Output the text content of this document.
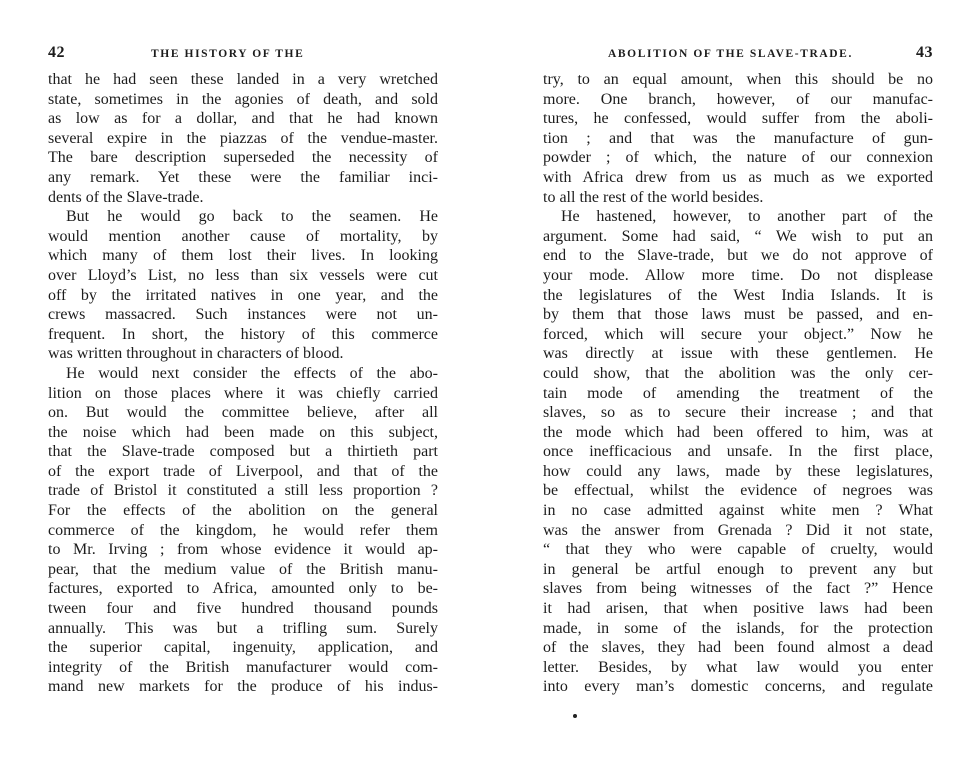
42	THE HISTORY OF THE
that he had seen these landed in a very wretched
state, sometimes in the agonies of death, and sold
as low as for a dollar, and that he had known
several expire in the piazzas of the vendue-master.
The bare description superseded the necessity of
any remark. Yet these were the familiar inci-
dents of the Slave-trade.
But he would go back to the seamen. He
would mention another cause of mortality, by
which many of them lost their lives. In looking
over Lloyd’s List, no less than six vessels were cut
off by the irritated natives in one year, and the
crews massacred. Such instances were not un-
frequent. In short, the history of this commerce
was written throughout in characters of blood.
He would next consider the effects of the abo-
lition on those places where it was chiefly carried
on. But would the committee believe, after all
the noise which had been made on this subject,
that the Slave-trade composed but a thirtieth part
of the export trade of Liverpool, and that of the
trade of Bristol it constituted a still less proportion ?
For the effects of the abolition on the general
commerce of the kingdom, he would refer them
to Mr. Irving ; from whose evidence it would ap-
pear, that the medium value of the British manu-
factures, exported to Africa, amounted only to be-
tween four and five hundred thousand pounds
annually. This was but a trifling sum. Surely
the superior capital, ingenuity, application, and
integrity of the British manufacturer would com-
mand new markets for the produce of his indus-
ABOLITION OF THE SLAVE-TRADE.	43
try, to an equal amount, when this should be no
more. One branch, however, of our manufac-
tures, he confessed, would suffer from the aboli-
tion ; and that was the manufacture of gun-
powder ; of which, the nature of our connexion
with Africa drew from us as much as we exported
to all the rest of the world besides.
He hastened, however, to another part of the
argument. Some had said, “ We wish to put an
end to the Slave-trade, but we do not approve of
your mode. Allow more time. Do not displease
the legislatures of the West India Islands. It is
by them that those laws must be passed, and en-
forced, which will secure your object.” Now he
was directly at issue with these gentlemen. He
could show, that the abolition was the only cer-
tain mode of amending the treatment of the
slaves, so as to secure their increase ; and that
the mode which had been offered to him, was at
once inefficacious and unsafe. In the first place,
how could any laws, made by these legislatures,
be effectual, whilst the evidence of negroes was
in no case admitted against white men ? What
was the answer from Grenada ? Did it not state,
“ that they who were capable of cruelty, would
in general be artful enough to prevent any but
slaves from being witnesses of the fact ?” Hence
it had arisen, that when positive laws had been
made, in some of the islands, for the protection
of the slaves, they had been found almost a dead
letter. Besides, by what law would you enter
into every man’s domestic concerns, and regulate
